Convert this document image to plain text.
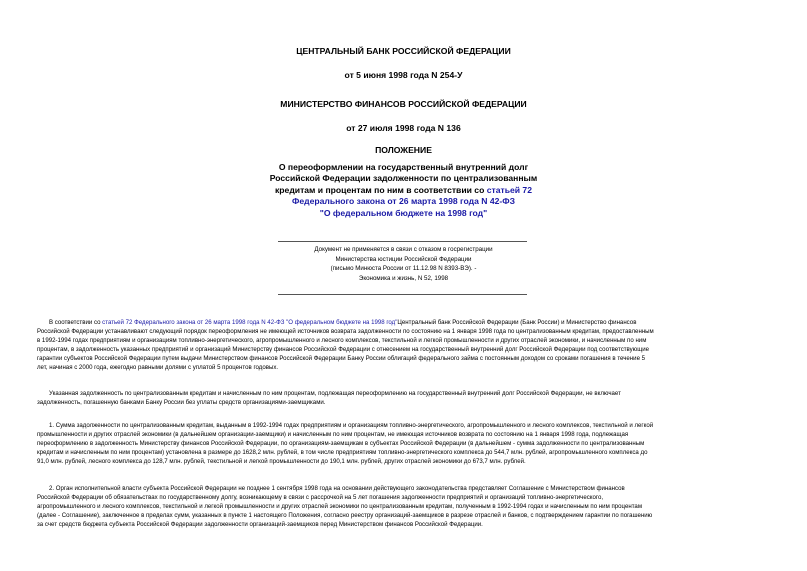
ЦЕНТРАЛЬНЫЙ БАНК РОССИЙСКОЙ ФЕДЕРАЦИИ
от 5 июня 1998 года N 254-У
МИНИСТЕРСТВО ФИНАНСОВ РОССИЙСКОЙ ФЕДЕРАЦИИ
от 27 июля 1998 года N 136
ПОЛОЖЕНИЕ
О переоформлении на государственный внутренний долг
Российской Федерации задолженности по централизованным
кредитам и процентам по ним в соответствии со статьей 72
Федерального закона от 26 марта 1998 года N 42-ФЗ
"О федеральном бюджете на 1998 год"
Документ не применяется в связи с отказом в госрегистрации
Министерства юстиции Российской Федерации
(письмо Минюста России от 11.12.98 N 8393-ВЭ). -
Экономика и жизнь, N 52, 1998
В соответствии со статьей 72 Федерального закона от 26 марта 1998 года N 42-ФЗ "О федеральном бюджете на 1998 год"Центральный банк Российской Федерации (Банк России) и Министерство финансов
Российской Федерации устанавливают следующий порядок переоформления не имеющей источников возврата задолженности по состоянию на 1 января 1998 года по централизованным кредитам, предоставленным
в 1992-1994 годах предприятиям и организациям топливно-энергетического, агропромышленного и лесного комплексов, текстильной и легкой промышленности и других отраслей экономики, и начисленным по ним
процентам, в задолженность указанных предприятий и организаций Министерству финансов Российской Федерации с отнесением на государственный внутренний долг Российской Федерации под соответствующие
гарантии субъектов Российской Федерации путем выдачи Министерством финансов Российской Федерации Банку России облигаций федерального займа с постоянным доходом со сроками погашения в течение 5
лет, начиная с 2000 года, ежегодно равными долями с уплатой 5 процентов годовых.
Указанная задолженность по централизованным кредитам и начисленным по ним процентам, подлежащая переоформлению на государственный внутренний долг Российской Федерации, не включает
задолженность, погашенную банками Банку России без уплаты средств организациями-заемщиками.
1. Сумма задолженности по централизованным кредитам, выданным в 1992-1994 годах предприятиям и организациям топливно-энергетического, агропромышленного и лесного комплексов, текстильной и легкой
промышленности и других отраслей экономики (в дальнейшем организации-заемщики) и начисленным по ним процентам, не имеющая источников возврата по состоянию на 1 января 1998 года, подлежащая
переоформлению в задолженность Министерству финансов Российской Федерации, по организациям-заемщикам в субъектах Российской Федерации (в дальнейшем - сумма задолженности по централизованным
кредитам и начисленным по ним процентам) установлена в размере до 1628,2 млн. рублей, в том числе предприятиям топливно-энергетического комплекса до 544,7 млн. рублей, агропромышленного комплекса до
91,0 млн. рублей, лесного комплекса до 128,7 млн. рублей, текстильной и легкой промышленности до 190,1 млн. рублей, других отраслей экономики до 673,7 млн. рублей.
2. Орган исполнительной власти субъекта Российской Федерации не позднее 1 сентября 1998 года на основании действующего законодательства представляет Соглашение с Министерством финансов
Российской Федерации об обязательствах по государственному долгу, возникающему в связи с рассрочкой на 5 лет погашения задолженности предприятий и организаций топливно-энергетического,
агропромышленного и лесного комплексов, текстильной и легкой промышленности и других отраслей экономики по централизованным кредитам, полученным в 1992-1994 годах и начисленным по ним процентам
(далее - Соглашение), заключенное в пределах сумм, указанных в пункте 1 настоящего Положения, согласно реестру организаций-заемщиков в разрезе отраслей и банков, с подтверждением гарантии по погашению
за счет средств бюджета субъекта Российской Федерации задолженности организаций-заемщиков перед Министерством финансов Российской Федерации.
